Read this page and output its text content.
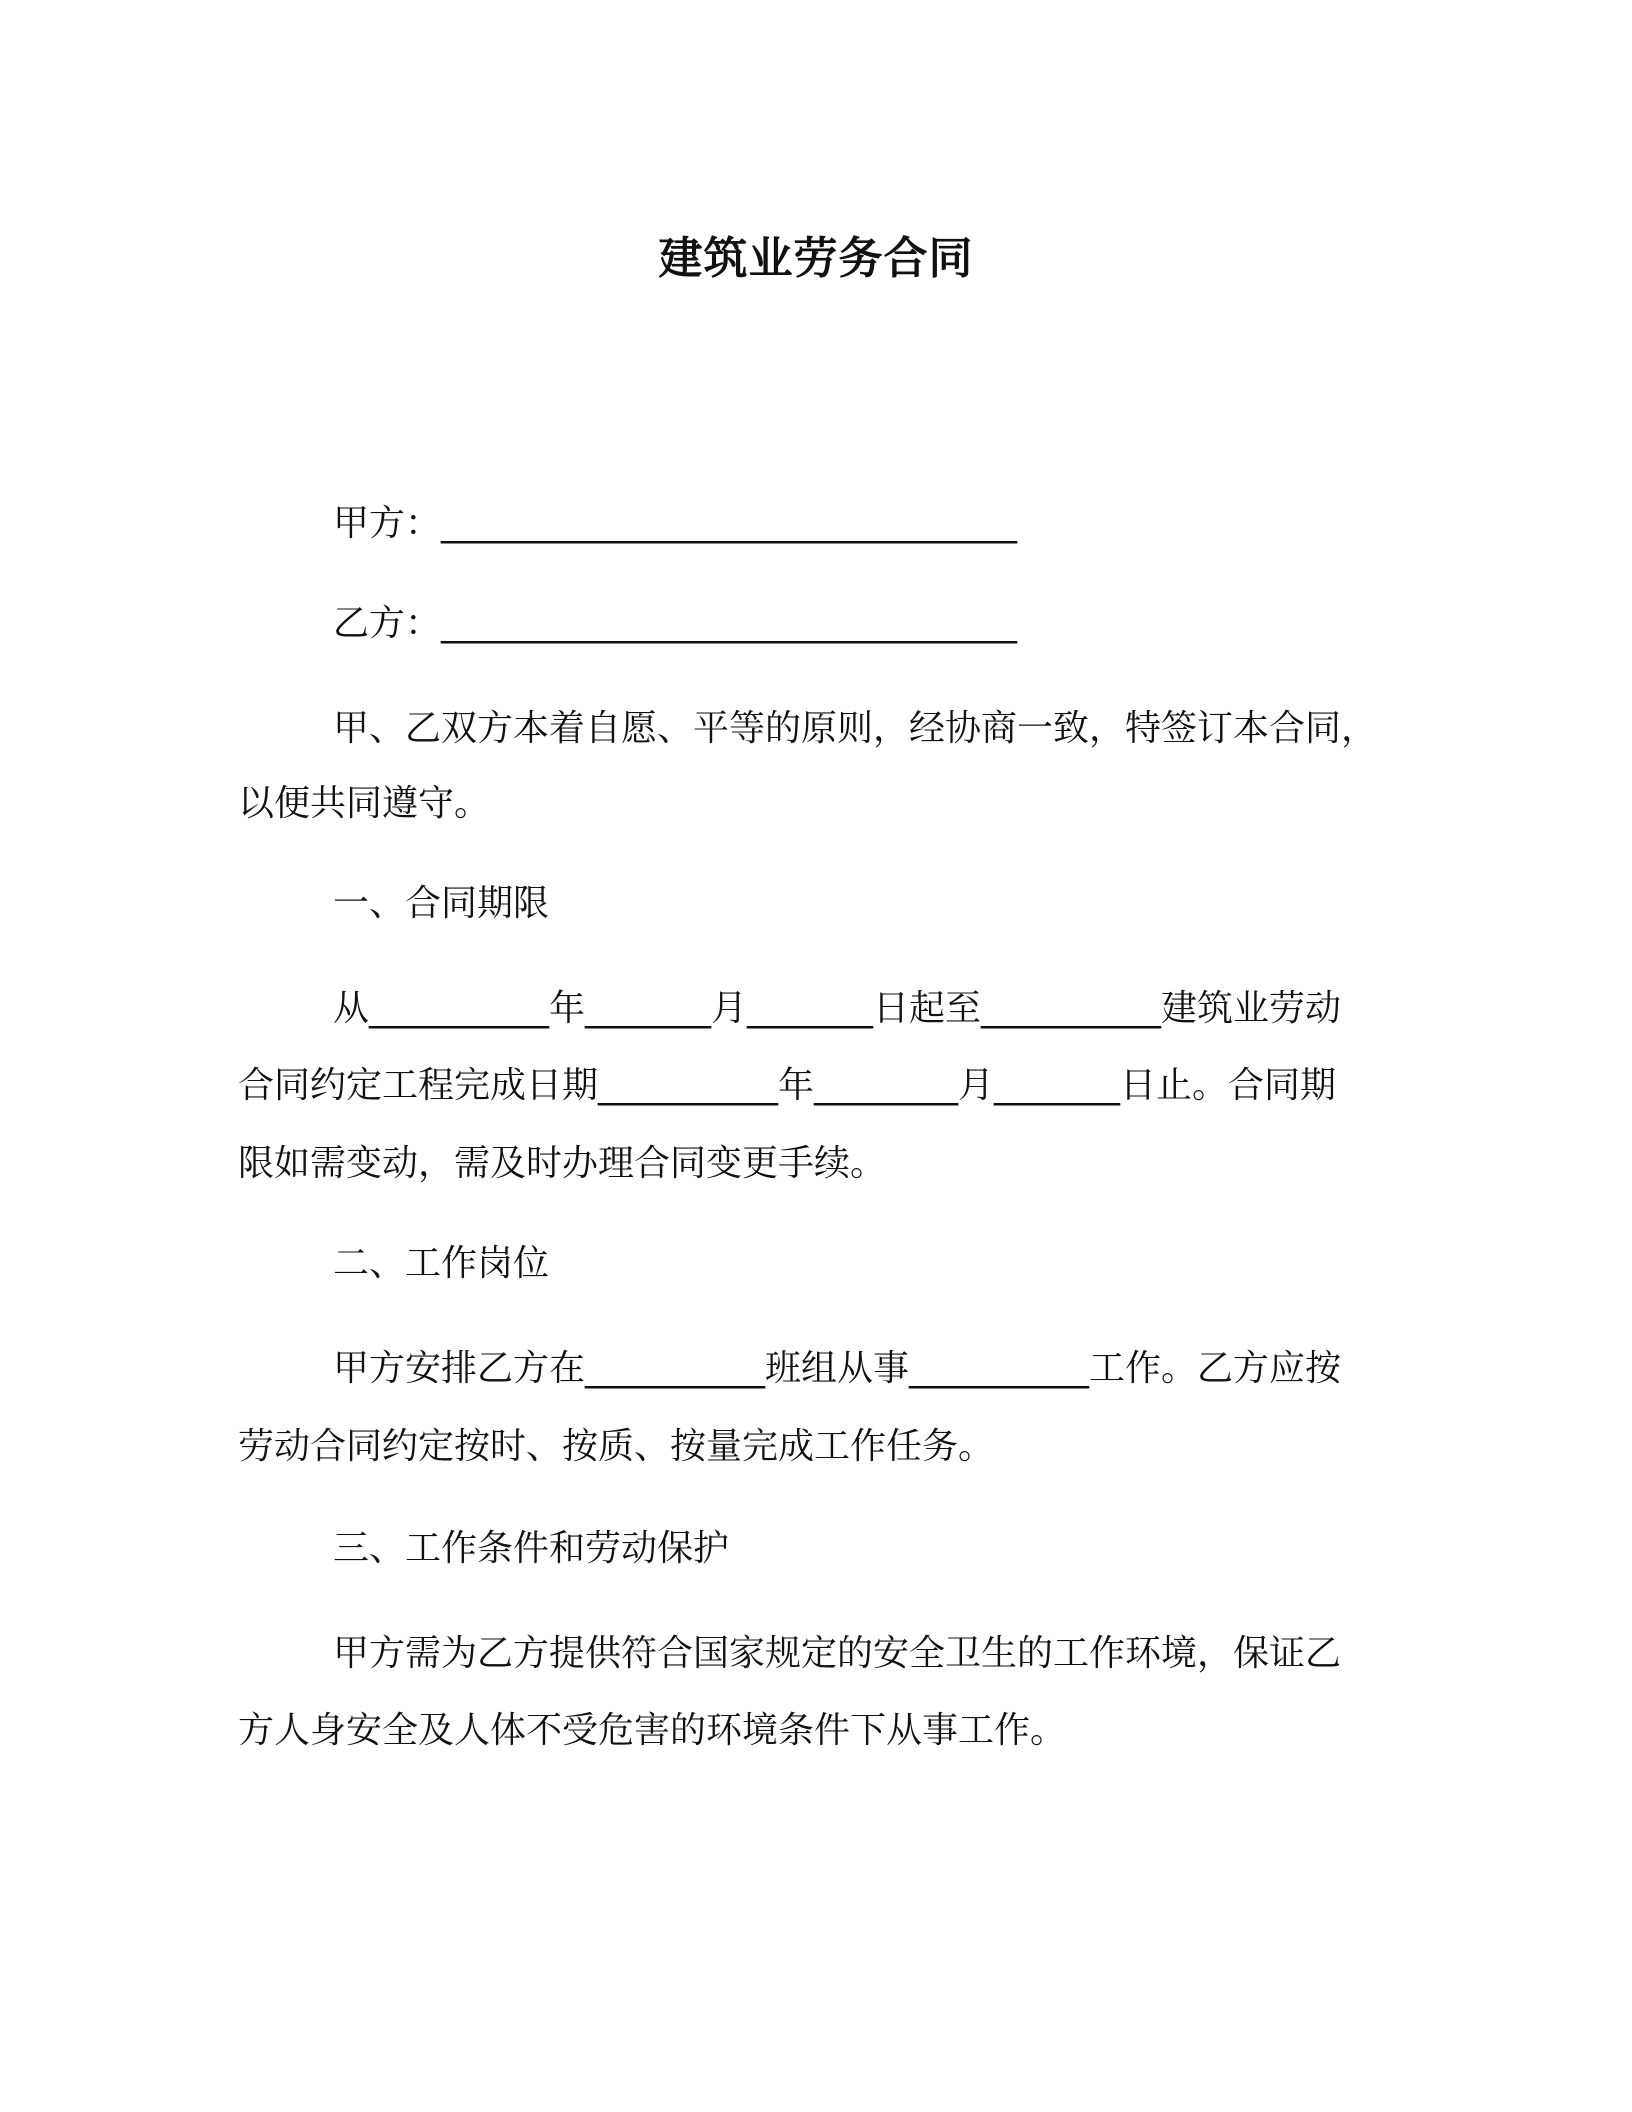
建筑业劳务合同
甲方：________________________________
乙方：________________________________
甲、乙双方本着自愿、平等的原则，经协商一致，特签订本合同，
以便共同遵守。
一、合同期限
从__________年_______月_______日起至__________建筑业劳动
合同约定工程完成日期__________年________月_______日止。合同期
限如需变动，需及时办理合同变更手续。
二、工作岗位
甲方安排乙方在__________班组从事__________工作。乙方应按
劳动合同约定按时、按质、按量完成工作任务。
三、工作条件和劳动保护
甲方需为乙方提供符合国家规定的安全卫生的工作环境，保证乙
方人身安全及人体不受危害的环境条件下从事工作。
